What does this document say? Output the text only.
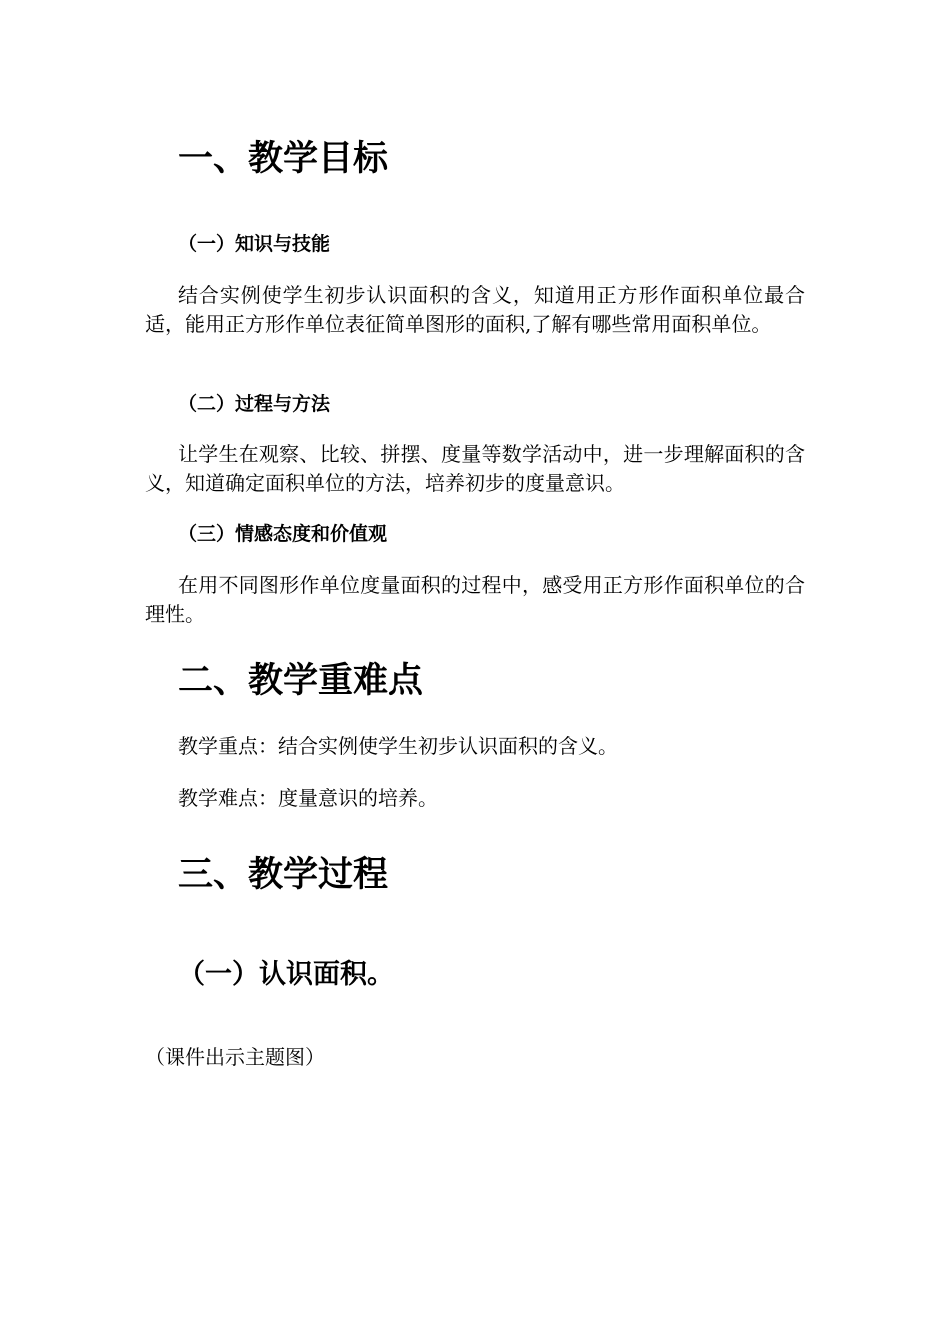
一、教学目标
（一）知识与技能

结合实例使学生初步认识面积的含义，知道用正方形作面积单位最合适，能用正方形作单位表征简单图形的面积,了解有哪些常用面积单位。

（二）过程与方法

让学生在观察、比较、拼摆、度量等数学活动中，进一步理解面积的含义，知道确定面积单位的方法，培养初步的度量意识。

（三）情感态度和价值观

在用不同图形作单位度量面积的过程中，感受用正方形作面积单位的合理性。

二、教学重难点

教学重点：结合实例使学生初步认识面积的含义。

教学难点：度量意识的培养。

三、教学过程
（一）认识面积。

（课件出示主题图）
